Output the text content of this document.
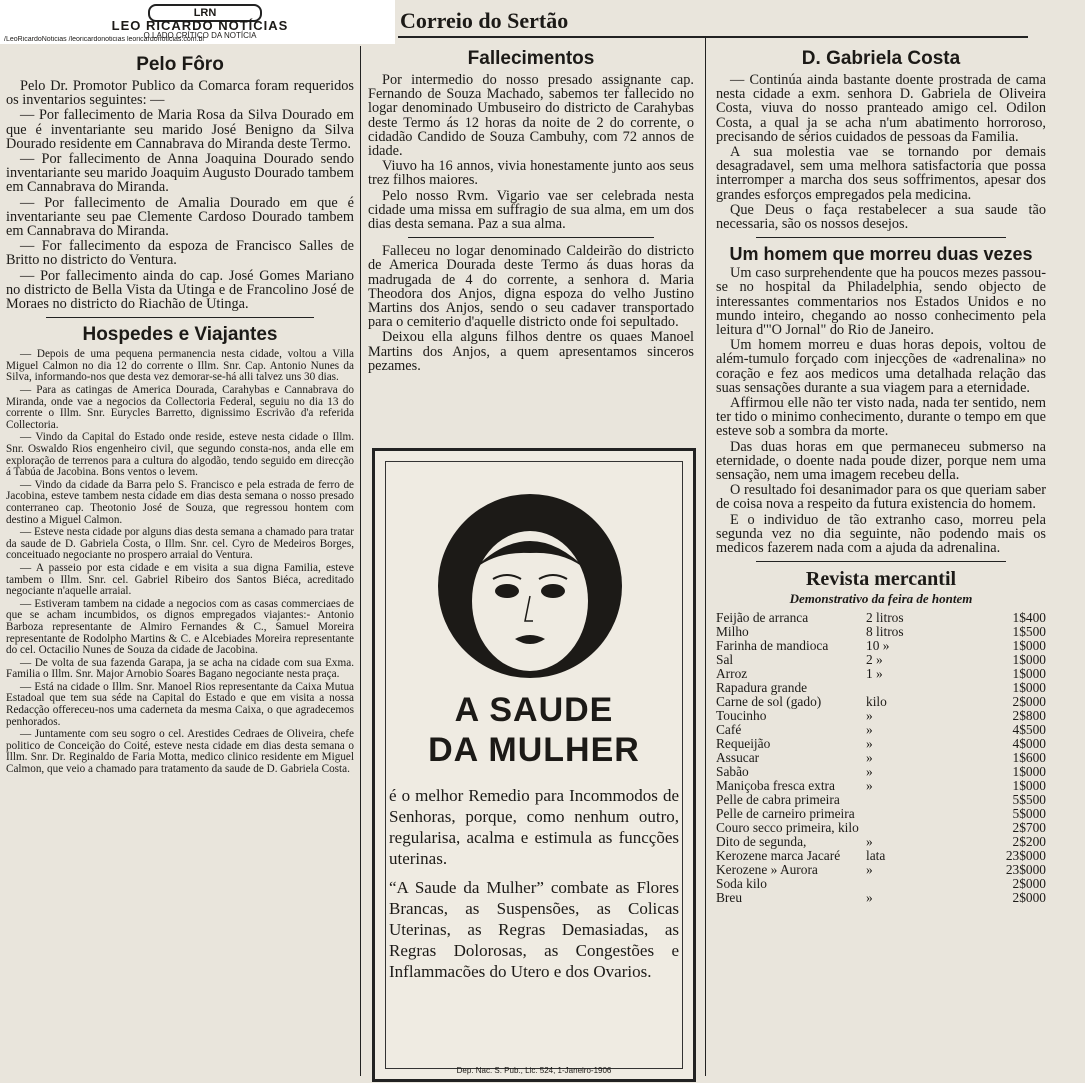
LRN
LEO RICARDO NOTÍCIAS
O LADO CRÍTICO DA NOTÍCIA
/LeoRicardoNoticias /leoricardonoticias leoricardonoticias.com.br
Correio do Sertão
Pelo Fôro

Pelo Dr. Promotor Publico da Comarca foram requeridos os inventarios seguintes: —

— Por fallecimento de Maria Rosa da Silva Dourado em que é inventariante seu marido José Benigno da Silva Dourado residente em Cannabrava do Miranda deste Termo.

— Por fallecimento de Anna Joaquina Dourado sendo inventariante seu marido Joaquim Augusto Dourado tambem em Cannabrava do Miranda.

— Por fallecimento de Amalia Dourado em que é inventariante seu pae Clemente Cardoso Dourado tambem em Cannabrava do Miranda.

— For fallecimento da espoza de Francisco Salles de Britto no districto do Ventura.

— Por fallecimento ainda do cap. José Gomes Mariano no districto de Bella Vista da Utinga e de Francolino José de Moraes no districto do Riachão de Utinga.

Hospedes e Viajantes

— Depois de uma pequena permanencia nesta cidade, voltou a Villa Miguel Calmon no dia 12 do corrente o Illm. Snr. Cap. Antonio Nunes da Silva, informando-nos que desta vez demorar-se-há alli talvez uns 30 dias.

— Para as catingas de America Dourada, Carahybas e Cannabrava do Miranda, onde vae a negocios da Collectoria Federal, seguiu no dia 13 do corrente o Illm. Snr. Eurycles Barretto, dignissimo Escrivão d'a referida Collectoria.

— Vindo da Capital do Estado onde reside, esteve nesta cidade o Illm. Snr. Oswaldo Rios engenheiro civil, que segundo consta-nos, anda elle em exploração de terrenos para a cultura do algodão, tendo seguido em direcção á Tabúa de Jacobina. Bons ventos o levem.

— Vindo da cidade da Barra pelo S. Francisco e pela estrada de ferro de Jacobina, esteve tambem nesta cidade em dias desta semana o nosso presado conterraneo cap. Theotonio José de Souza, que regressou hontem com destino a Miguel Calmon.

— Esteve nesta cidade por alguns dias desta semana a chamado para tratar da saude de D. Gabriela Costa, o Illm. Snr. cel. Cyro de Medeiros Borges, conceituado negociante no prospero arraial do Ventura.

— A passeio por esta cidade e em visita a sua digna Familia, esteve tambem o Illm. Snr. cel. Gabriel Ribeiro dos Santos Biéca, acreditado negociante n'aquelle arraial.

— Estiveram tambem na cidade a negocios com as casas commerciaes de que se acham incumbidos, os dignos empregados viajantes:- Antonio Barboza representante de Almiro Fernandes & C., Samuel Moreira representante de Rodolpho Martins & C. e Alcebiades Moreira representante do cel. Octacilio Nunes de Souza da cidade de Jacobina.

— De volta de sua fazenda Garapa, ja se acha na cidade com sua Exma. Familia o Illm. Snr. Major Arnobio Soares Bagano negociante nesta praça.

— Está na cidade o Illm. Snr. Manoel Rios representante da Caixa Mutua Estadoal que tem sua séde na Capital do Estado e que em visita a nossa Redacção offereceu-nos uma caderneta da mesma Caixa, o que agradecemos penhorados.

— Juntamente com seu sogro o cel. Arestides Cedraes de Oliveira, chefe politico de Conceição do Coité, esteve nesta cidade em dias desta semana o Illm. Snr. Dr. Reginaldo de Faria Motta, medico clinico residente em Miguel Calmon, que veio a chamado para tratamento da saude de D. Gabriela Costa.

Fallecimentos

Por intermedio do nosso presado assignante cap. Fernando de Souza Machado, sabemos ter fallecido no logar denominado Umbuseiro do districto de Carahybas deste Termo ás 12 horas da noite de 2 do corrente, o cidadão Candido de Souza Cambuhy, com 72 annos de idade.

Viuvo ha 16 annos, vivia honestamente junto aos seus trez filhos maiores.

Pelo nosso Rvm. Vigario vae ser celebrada nesta cidade uma missa em suffragio de sua alma, em um dos dias desta semana. Paz a sua alma.

Falleceu no logar denominado Caldeirão do districto de America Dourada deste Termo ás duas horas da madrugada de 4 do corrente, a senhora d. Maria Theodora dos Anjos, digna espoza do velho Justino Martins dos Anjos, sendo o seu cadaver transportado para o cemiterio d'aquelle districto onde foi sepultado.

Deixou ella alguns filhos dentre os quaes Manoel Martins dos Anjos, a quem apresentamos sinceros pezames.

A SAUDE
DA MULHER
é o melhor Remedio para Incommodos de Senhoras, porque, como nenhum outro, regularisa, acalma e estimula as funcções uterinas.
“A Saude da Mulher” combate as Flores Brancas, as Suspensões, as Colicas Uterinas, as Regras Demasiadas, as Regras Dolorosas, as Congestões e Inflammacões do Utero e dos Ovarios.
Dep. Nac. S. Pub., Lic. 524, 1-Janeiro-1906
D. Gabriela Costa

— Continúa ainda bastante doente prostrada de cama nesta cidade a exm. senhora D. Gabriela de Oliveira Costa, viuva do nosso pranteado amigo cel. Odilon Costa, a qual ja se acha n'um abatimento horroroso, precisando de sérios cuidados de pessoas da Familia.

A sua molestia vae se tornando por demais desagradavel, sem uma melhora satisfactoria que possa interromper a marcha dos seus soffrimentos, apesar dos grandes esforços empregados pela medicina.

Que Deus o faça restabelecer a sua saude tão necessaria, são os nossos desejos.

Um homem que morreu duas vezes

Um caso surprehendente que ha poucos mezes passou-se no hospital da Philadelphia, sendo objecto de interessantes commentarios nos Estados Unidos e no mundo inteiro, chegando ao nosso conhecimento pela leitura d'"O Jornal" do Rio de Janeiro.

Um homem morreu e duas horas depois, voltou de além-tumulo forçado com injecções de «adrenalina» no coração e fez aos medicos uma detalhada relação das suas sensações durante a sua viagem para a eternidade.

Affirmou elle não ter visto nada, nada ter sentido, nem ter tido o minimo conhecimento, durante o tempo em que esteve sob a sombra da morte.

Das duas horas em que permaneceu submerso na eternidade, o doente nada poude dizer, porque nem uma sensação, nem uma imagem recebeu della.

O resultado foi desanimador para os que queriam saber de coisa nova a respeito da futura existencia do homem.

E o individuo de tão extranho caso, morreu pela segunda vez no dia seguinte, não podendo mais os medicos fazerem nada com a ajuda da adrenalina.

Revista mercantil
Demonstrativo da feira de hontem
Feijão de arranca	2 litros	1$400
Milho	8 litros	1$500
Farinha de mandioca	10 »	1$000
Sal	2 »	1$000
Arroz	1 »	1$000
Rapadura grande		1$000
Carne de sol (gado)	kilo	2$000
Toucinho	»	2$800
Café	»	4$500
Requeijão	»	4$000
Assucar	»	1$600
Sabão	»	1$000
Maniçoba fresca extra	»	1$000
Pelle de cabra primeira		5$500
Pelle de carneiro primeira		5$000
Couro secco primeira, kilo		2$700
Dito de segunda,	»	2$200
Kerozene marca Jacaré	lata	23$000
Kerozene » Aurora	»	23$000
Soda kilo		2$000
Breu	»	2$000
